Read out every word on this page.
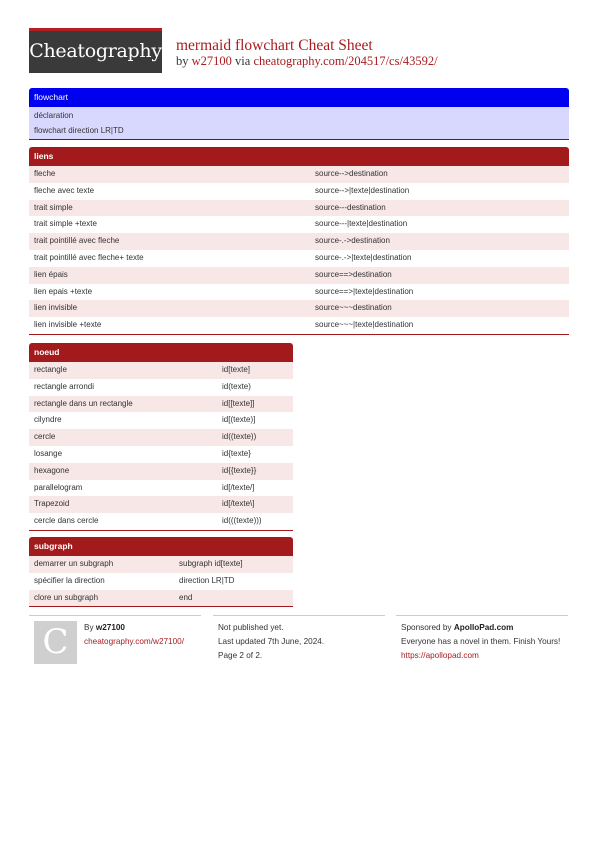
Cheatography mermaid flowchart Cheat Sheet
by w27100 via cheatography.com/204517/cs/43592/
flowchart
déclaration
flowchart direction LR|TD
liens
fleche	source-->destination
fleche avec texte	source-->|texte|destination
trait simple	source---destination
trait simple +texte	source---|texte|destination
trait pointillé avec fleche	source-.->destination
trait pointillé avec fleche+ texte	source-.->|texte|destination
lien épais	source==>destination
lien epais +texte	source==>|texte|destination
lien invisible	source~~~destination
lien invisible +texte	source~~~|texte|destination
noeud
rectangle	id[texte]
rectangle arrondi	id(texte)
rectangle dans un rectangle	id[[texte]]
cilyndre	id[(texte)]
cercle	id((texte))
losange	id{texte}
hexagone	id{{texte}}
parallelogram	id[/texte/]
Trapezoid	id[/texte\]
cercle dans cercle	id(((texte)))
subgraph
demarrer un subgraph	subgraph id[texte]
spécifier la direction	direction LR|TD
clore un subgraph	end
C	By w27100
cheatography.com/w27100/
Not published yet.
Last updated 7th June, 2024.
Page 2 of 2.
Sponsored by ApolloPad.com
Everyone has a novel in them. Finish Yours!
https://apollopad.com
